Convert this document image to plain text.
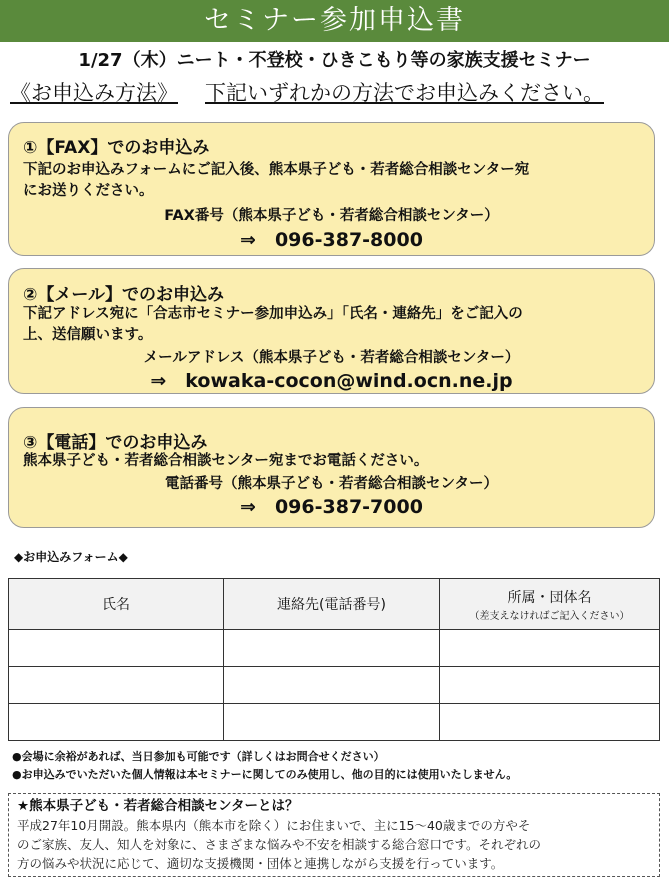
セミナー参加申込書
1/27（木）ニート・不登校・ひきこもり等の家族支援セミナー
《お申込み方法》 下記いずれかの方法でお申込みください。
①【FAX】でのお申込み
下記のお申込みフォームにご記入後、熊本県子ども・若者総合相談センター宛
にお送りください。
FAX番号（熊本県子ども・若者総合相談センター）
⇒　096-387-8000
②【メール】でのお申込み
下記アドレス宛に「合志市セミナー参加申込み」「氏名・連絡先」をご記入の
上、送信願います。
メールアドレス（熊本県子ども・若者総合相談センター）
⇒　kowaka-cocon@wind.ocn.ne.jp
③【電話】でのお申込み
熊本県子ども・若者総合相談センター宛までお電話ください。
電話番号（熊本県子ども・若者総合相談センター）
⇒　096-387-7000
◆お申込みフォーム◆
氏名	連絡先(電話番号)	所属・団体名
（差支えなければご記入ください）

●会場に余裕があれば、当日参加も可能です（詳しくはお問合せください）
●お申込みでいただいた個人情報は本セミナーに関してのみ使用し、他の目的には使用いたしません。
★熊本県子ども・若者総合相談センターとは？
平成27年10月開設。熊本県内（熊本市を除く）にお住まいで、主に15～40歳までの方やそ
のご家族、友人、知人を対象に、さまざまな悩みや不安を相談する総合窓口です。それぞれの
方の悩みや状況に応じて、適切な支援機関・団体と連携しながら支援を行っています。
